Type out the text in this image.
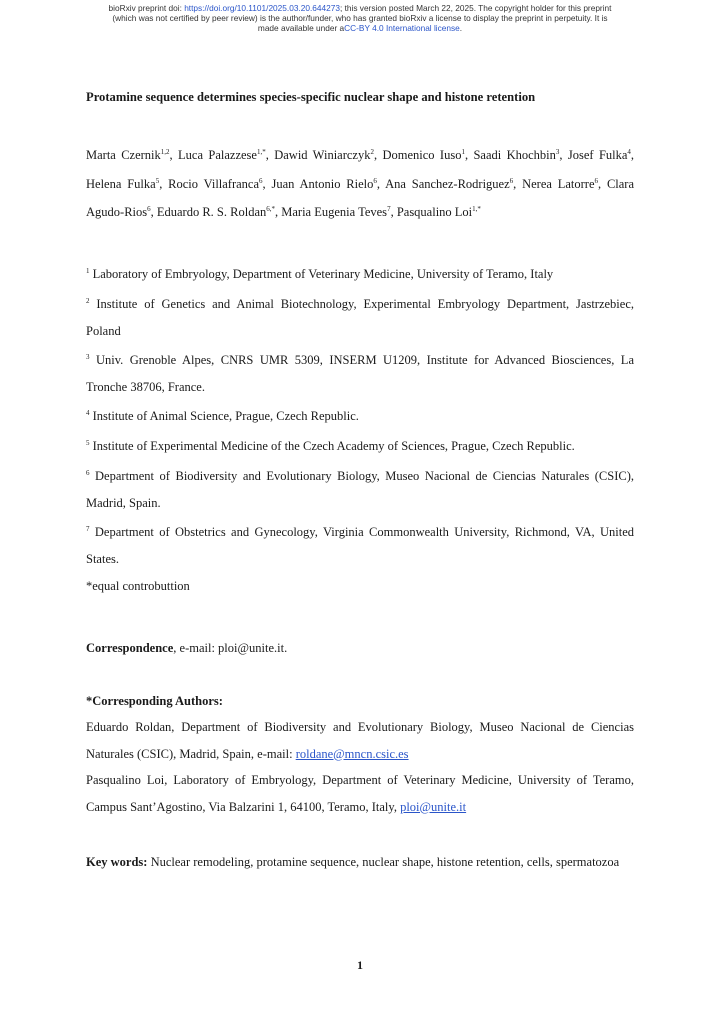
bioRxiv preprint doi: https://doi.org/10.1101/2025.03.20.644273; this version posted March 22, 2025. The copyright holder for this preprint
(which was not certified by peer review) is the author/funder, who has granted bioRxiv a license to display the preprint in perpetuity. It is
made available under aCC-BY 4.0 International license.
Protamine sequence determines species-specific nuclear shape and histone retention
Marta Czernik$^{1,2}$, Luca Palazzese$^{1,*}$, Dawid Winiarczyk$^2$, Domenico Iuso$^1$, Saadi Khochbin$^3$, Josef Fulka$^4$, Helena Fulka$^5$, Rocio Villafranca$^6$, Juan Antonio Rielo$^6$, Ana Sanchez-Rodriguez$^6$, Nerea Latorre$^6$, Clara Agudo-Rios$^6$, Eduardo R. S. Roldan$^{6,*}$, Maria Eugenia Teves$^7$, Pasqualino Loi$^{1,*}$
$^1$ Laboratory of Embryology, Department of Veterinary Medicine, University of Teramo, Italy
$^2$ Institute of Genetics and Animal Biotechnology, Experimental Embryology Department, Jastrzebiec, Poland
$^3$ Univ. Grenoble Alpes, CNRS UMR 5309, INSERM U1209, Institute for Advanced Biosciences, La Tronche 38706, France.
$^4$ Institute of Animal Science, Prague, Czech Republic.
$^5$ Institute of Experimental Medicine of the Czech Academy of Sciences, Prague, Czech Republic.
$^6$ Department of Biodiversity and Evolutionary Biology, Museo Nacional de Ciencias Naturales (CSIC), Madrid, Spain.
$^7$ Department of Obstetrics and Gynecology, Virginia Commonwealth University, Richmond, VA, United States.
*equal controbuttion
Correspondence, e-mail: ploi@unite.it.
*Corresponding Authors:
Eduardo Roldan, Department of Biodiversity and Evolutionary Biology, Museo Nacional de Ciencias Naturales (CSIC), Madrid, Spain, e-mail: roldane@mncn.csic.es
Pasqualino Loi, Laboratory of Embryology, Department of Veterinary Medicine, University of Teramo, Campus Sant’Agostino, Via Balzarini 1, 64100, Teramo, Italy, ploi@unite.it
Key words: Nuclear remodeling, protamine sequence, nuclear shape, histone retention, cells, spermatozoa
1
